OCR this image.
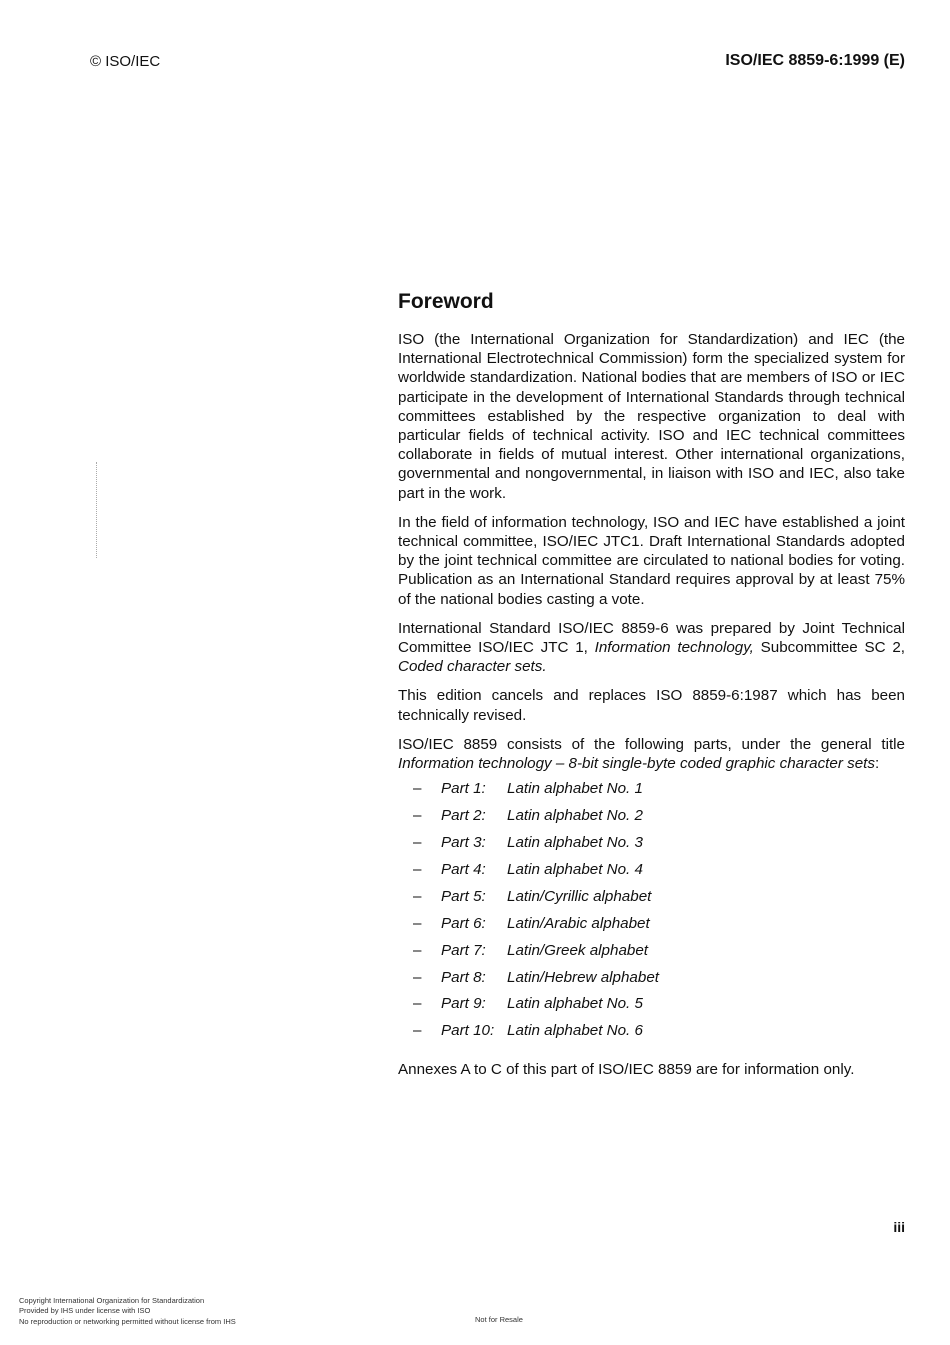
© ISO/IEC	ISO/IEC 8859-6:1999 (E)
Foreword

ISO (the International Organization for Standardization) and IEC (the International Electrotechnical Commission) form the specialized system for worldwide standardization. National bodies that are members of ISO or IEC participate in the development of International Standards through technical committees established by the respective organization to deal with particular fields of technical activity. ISO and IEC technical committees collaborate in fields of mutual interest. Other international organizations, governmental and nongovernmental, in liaison with ISO and IEC, also take part in the work.

In the field of information technology, ISO and IEC have established a joint technical committee, ISO/IEC JTC1. Draft International Standards adopted by the joint technical committee are circulated to national bodies for voting. Publication as an International Standard requires approval by at least 75% of the national bodies casting a vote.

International Standard ISO/IEC 8859-6 was prepared by Joint Technical Committee ISO/IEC JTC 1, Information technology, Subcommittee SC 2, Coded character sets.

This edition cancels and replaces ISO 8859-6:1987 which has been technically revised.

ISO/IEC 8859 consists of the following parts, under the general title Information technology – 8-bit single-byte coded graphic character sets:

– Part 1: Latin alphabet No. 1
– Part 2: Latin alphabet No. 2
– Part 3: Latin alphabet No. 3
– Part 4: Latin alphabet No. 4
– Part 5: Latin/Cyrillic alphabet
– Part 6: Latin/Arabic alphabet
– Part 7: Latin/Greek alphabet
– Part 8: Latin/Hebrew alphabet
– Part 9: Latin alphabet No. 5
– Part 10: Latin alphabet No. 6

Annexes A to C of this part of ISO/IEC 8859 are for information only.

iii
Copyright International Organization for Standardization
Provided by IHS under license with ISO
No reproduction or networking permitted without license from IHS	Not for Resale
